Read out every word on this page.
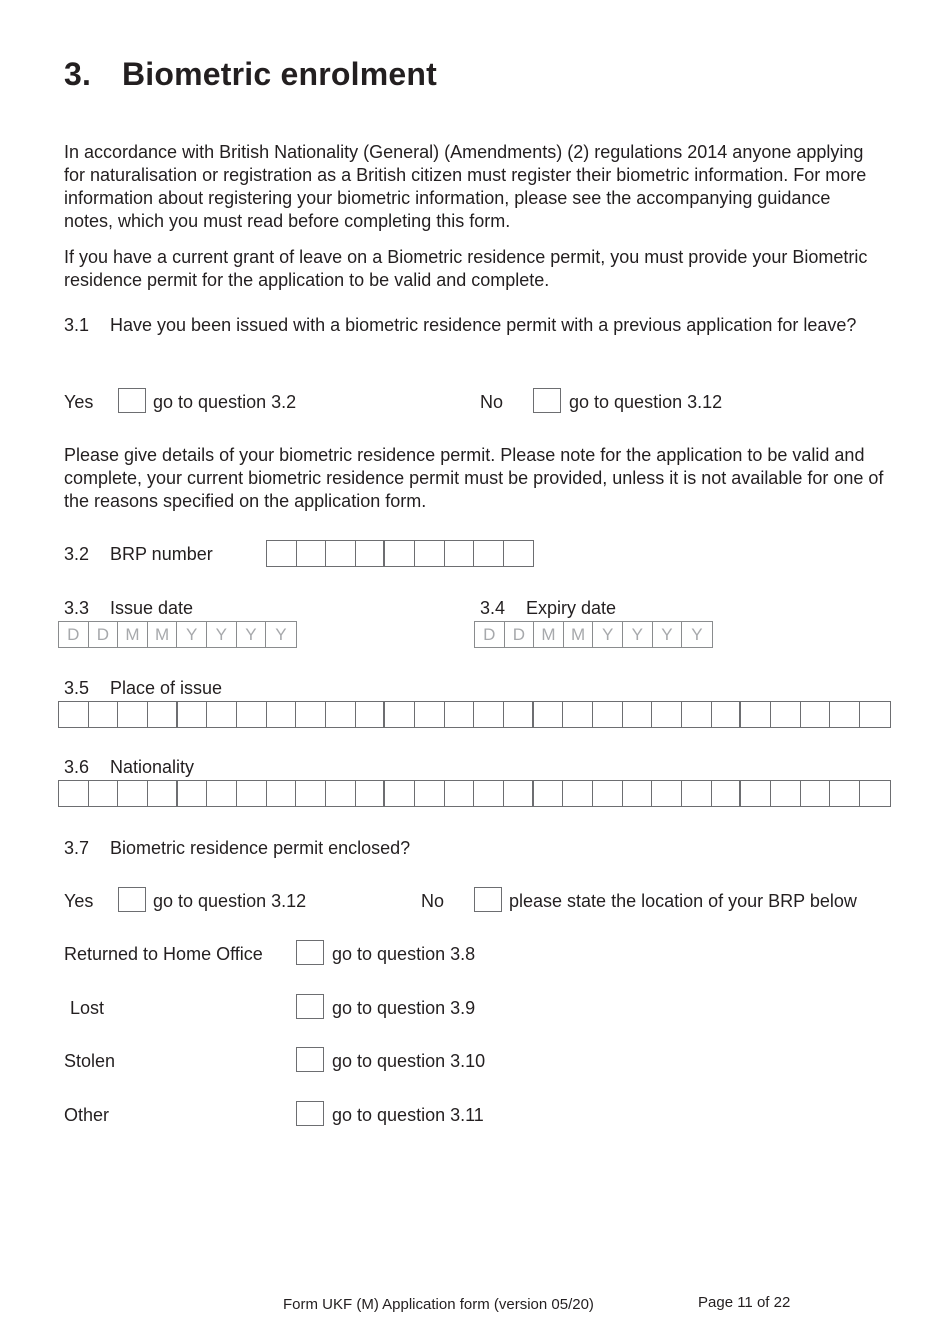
3. Biometric enrolment

In accordance with British Nationality (General) (Amendments) (2) regulations 2014 anyone applying for naturalisation or registration as a British citizen must register their biometric information. For more information about registering your biometric information, please see the accompanying guidance notes, which you must read before completing this form.

If you have a current grant of leave on a Biometric residence permit, you must provide your Biometric residence permit for the application to be valid and complete.

3.1 Have you been issued with a biometric residence permit with a previous application for leave?

Yes	go to question 3.2	No	go to question 3.12

Please give details of your biometric residence permit. Please note for the application to be valid and complete, your current biometric residence permit must be provided, unless it is not available for one of the reasons specified on the application form.

3.2 BRP number
3.3 Issue date
D	D M M Y	Y	Y	Y
3.4 Expiry date
D	D M M Y	Y	Y	Y
3.5 Place of issue
3.6 Nationality
3.7 Biometric residence permit enclosed?
Yes	go to question 3.12	No	please state the location of your BRP below
Returned to Home Office	go to question 3.8
Lost	go to question 3.9
Stolen	go to question 3.10
Other	go to question 3.11
Form UKF (M) Application form (version 05/20)	Page 11 of 22
